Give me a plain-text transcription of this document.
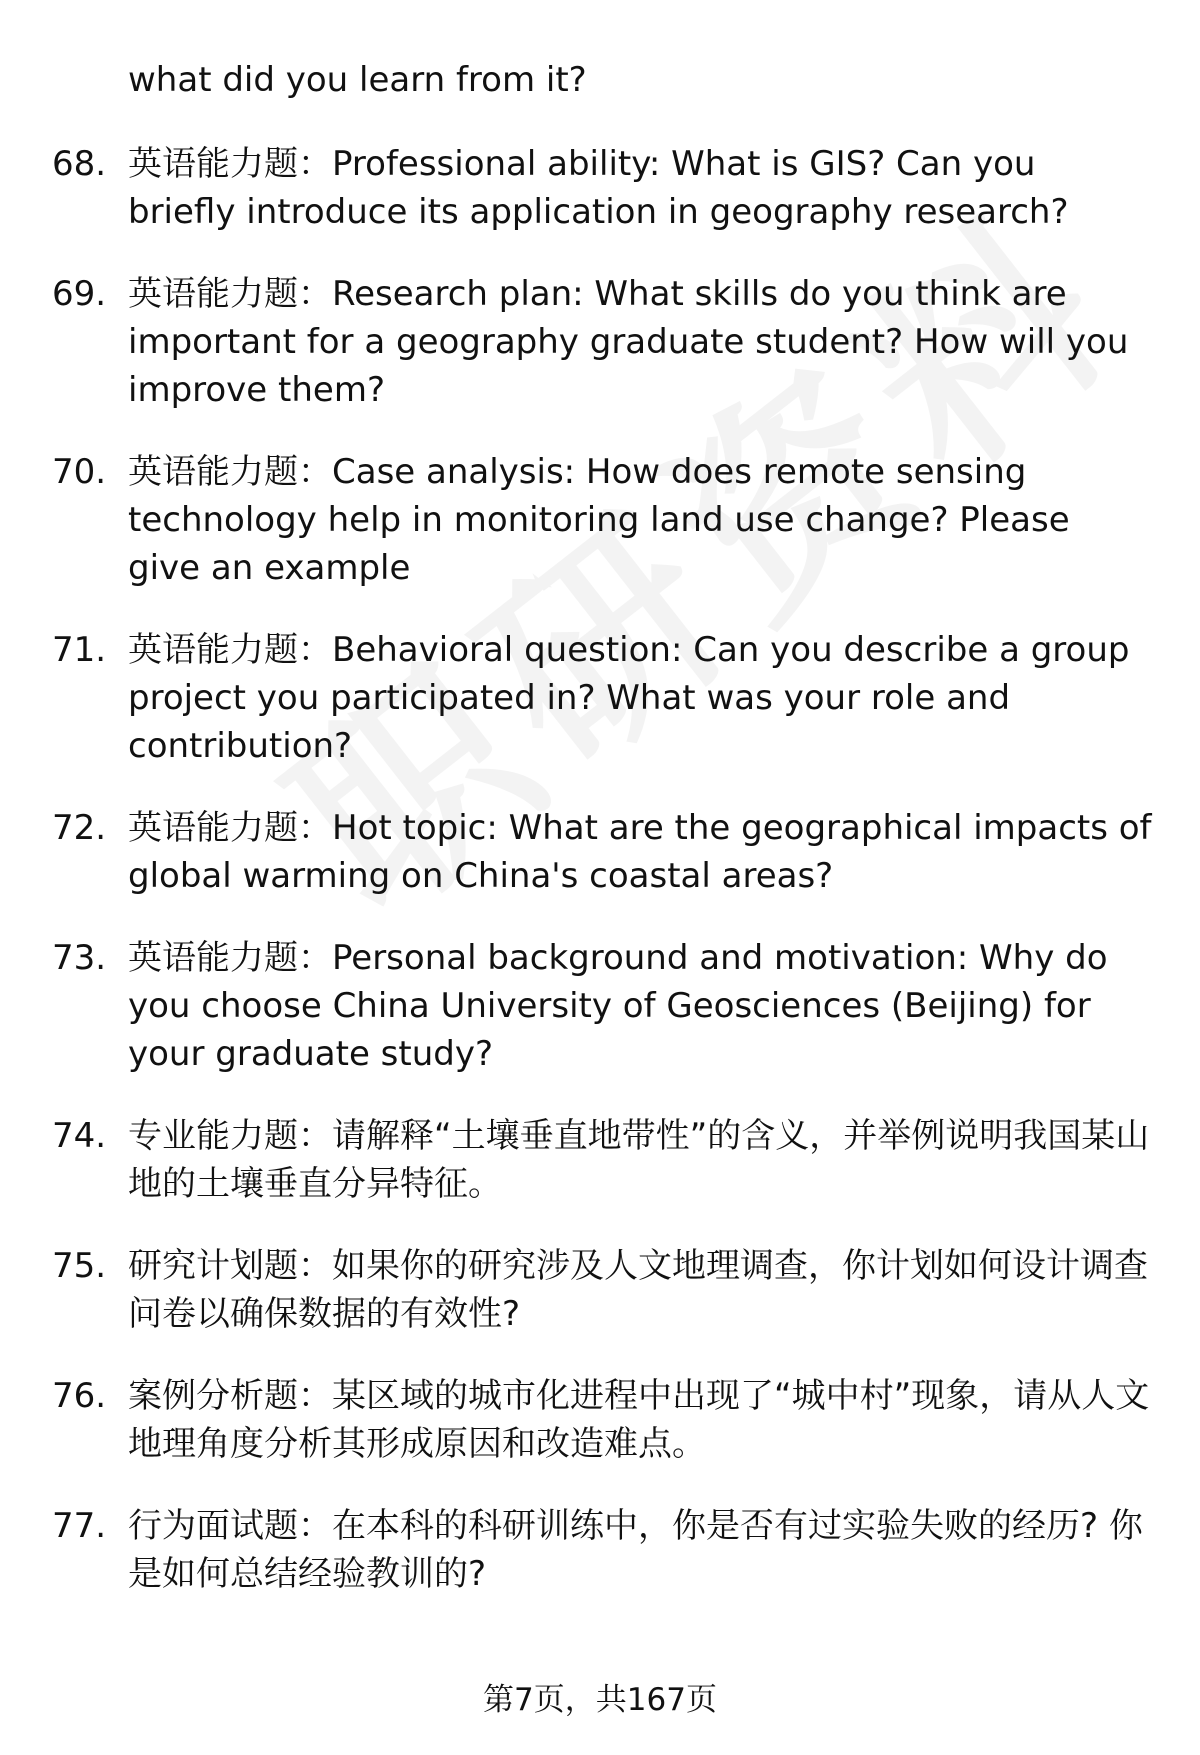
what did you learn from it?

68. 英语能力题：Professional ability: What is GIS? Can you briefly introduce its application in geography research?
69. 英语能力题：Research plan: What skills do you think are important for a geography graduate student? How will you improve them?
70. 英语能力题：Case analysis: How does remote sensing technology help in monitoring land use change? Please give an example
71. 英语能力题：Behavioral question: Can you describe a group project you participated in? What was your role and contribution?
72. 英语能力题：Hot topic: What are the geographical impacts of global warming on China's coastal areas?
73. 英语能力题：Personal background and motivation: Why do you choose China University of Geosciences (Beijing) for your graduate study?
74. 专业能力题：请解释“土壤垂直地带性”的含义，并举例说明我国某山地的土壤垂直分异特征。
75. 研究计划题：如果你的研究涉及人文地理调查，你计划如何设计调查问卷以确保数据的有效性?
76. 案例分析题：某区域的城市化进程中出现了“城中村”现象，请从人文地理角度分析其形成原因和改造难点。
77. 行为面试题：在本科的科研训练中，你是否有过实验失败的经历? 你是如何总结经验教训的?
第7页，共167页
